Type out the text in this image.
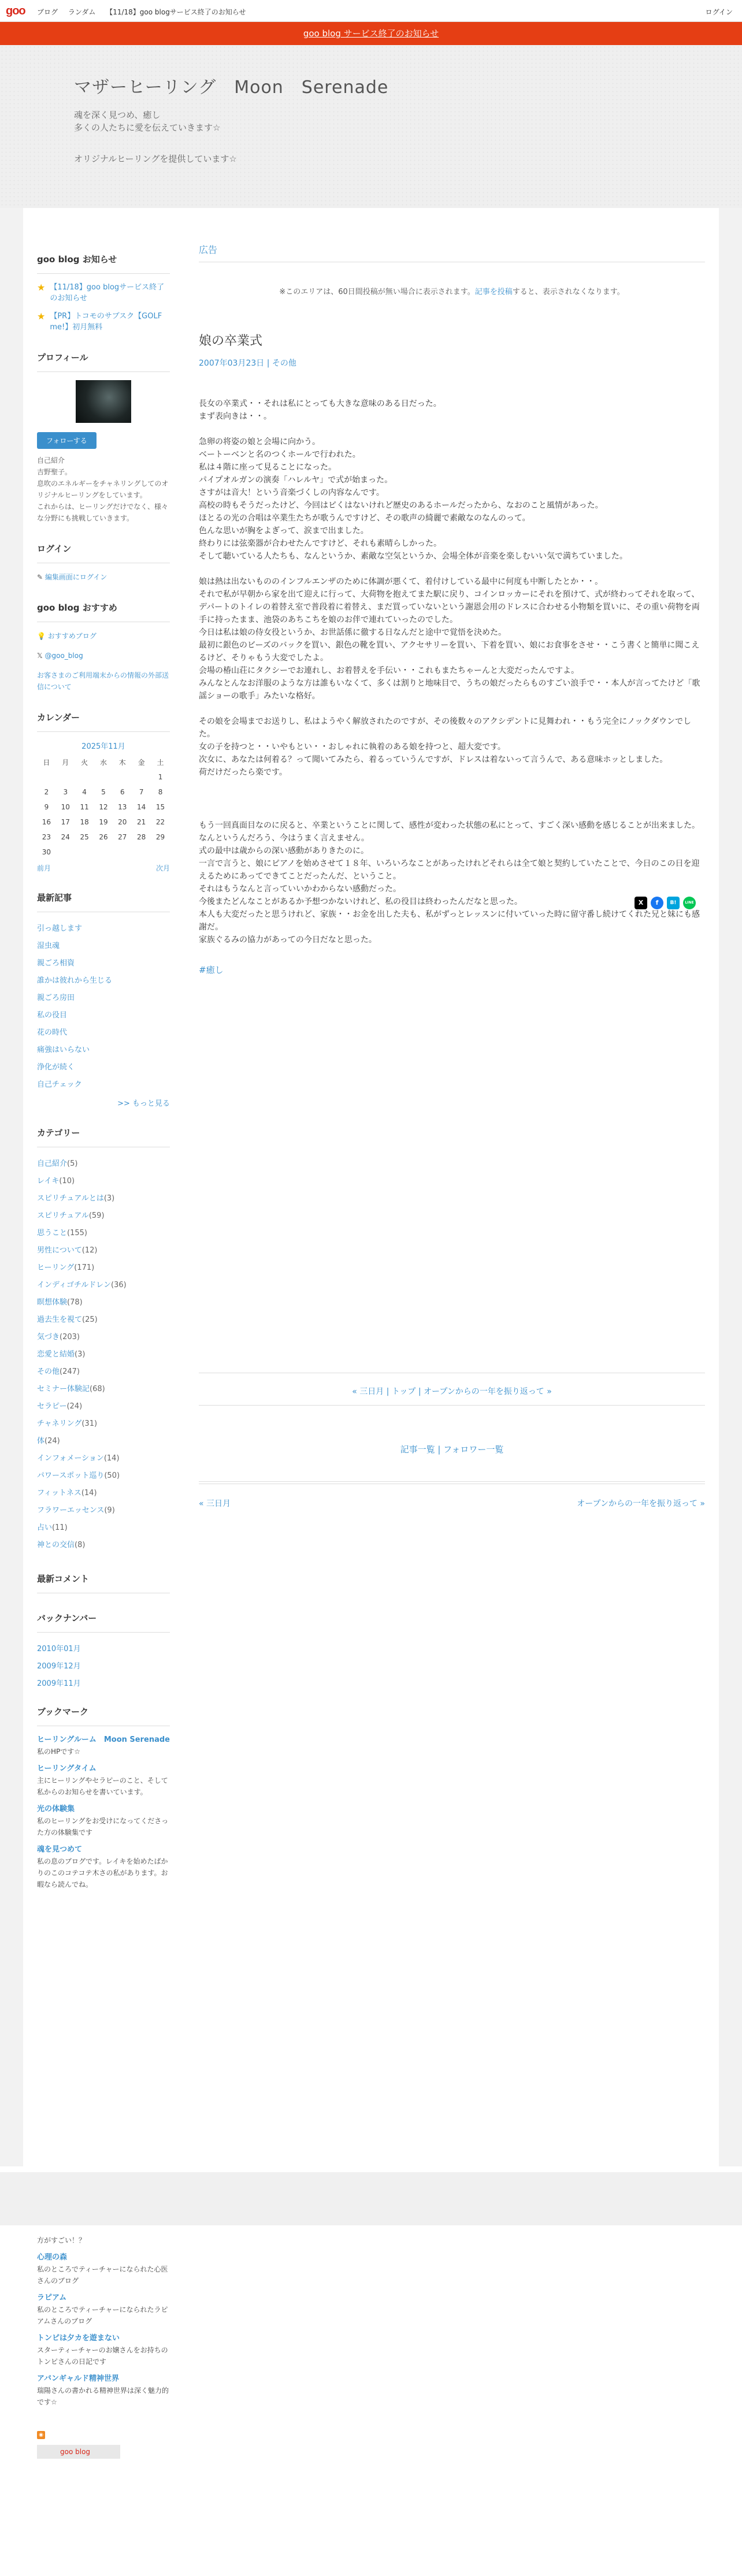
goo ブログ ランダム 【11/18】goo blogサービス終了のお知らせ	ログイン
goo blog サービス終了のお知らせ
マザーヒーリング　Moon　Serenade
魂を深く見つめ、癒し
多くの人たちに愛を伝えていきます☆
オリジナルヒーリングを提供しています☆
goo blog お知らせ
★ 【11/18】goo blogサービス終了のお知らせ
★ 【PR】トコモのサブスク【GOLF me!】初月無料
プロフィール
フォローする
自己紹介
吉野聖子。
息吹のエネルギーをチャネリングしてのオリジナルヒーリングをしています。
これからは、ヒーリングだけでなく、様々な分野にも挑戦していきます。
ログイン
✎ 編集画面にログイン
goo blog おすすめ
💡 おすすめブログ
𝕏 @goo_blog
お客さまのご利用端末からの情報の外部送信について
カレンダー
2025年11月
日	月	火	水	木	金	土
						1
2	3	4	5	6	7	8
9	10	11	12	13	14	15
16	17	18	19	20	21	22
23	24	25	26	27	28	29
30						
前月	次月
最新記事
引っ越します
湿虫魂
親ごろ相資
誰かは彼れから生じる
親ごろ房田
私の役目
花の時代
痛強はいらない
浄化が続く
自己チェック
>> もっと見る
カテゴリー
自己紹介(5)
レイキ(10)
スピリチュアルとは(3)
スピリチュアル(59)
思うこと(155)
男性について(12)
ヒーリング(171)
インディゴチルドレン(36)
瞑想体験(78)
過去生を視て(25)
気づき(203)
恋愛と結婚(3)
その他(247)
セミナー体験記(68)
セラピー(24)
チャネリング(31)
体(24)
インフォメーション(14)
パワースポット巡り(50)
フィットネス(14)
フラワーエッセンス(9)
占い(11)
神との交信(8)
最新コメント
バックナンバー
2010年01月
2009年12月
2009年11月
ブックマーク
ヒーリングルーム　Moon Serenade
私のHPです☆
ヒーリングタイム
主にヒーリングやセラピーのこと、そして私からのお知らせを書いています。
光の体験集
私のヒーリングをお受けになってくださった方の体験集です
魂を見つめて
私の息のブログです。レイキを始めたばかりのこのコテコテ木さの私があります。お暇なら読んでね。
方がすごい！？
心理の森
私のところでティーチャーになられた心医さんのブログ
ラピアム
私のところでティーチャーになられたラピアムさんのブログ
トンピは夕カを遊まない
スターティーチャーのお嬢さんをお持ちのトンピさんの日記です
アバンギャルド精神世界
瑞陽さんの書かれる精神世界は深く魅力的です☆
◉
goo blog
広告
※このエリアは、60日間投稿が無い場合に表示されます。記事を投稿すると、表示されなくなります。
娘の卒業式
2007年03月23日 | その他
長女の卒業式・・それは私にとっても大きな意味のある日だった。
まず表向きは・・。
急卵の将姿の娘と会場に向かう。
ベートーベンと名のつくホールで行われた。
私は４階に座って見ることになった。
パイプオルガンの演奏「ハレルヤ」で式が始まった。
さすがは音大！という音楽づくしの内容なんです。
高校の時もそうだったけど、今回はピくはないけれど歴史のあるホールだったから、なおのこと風情があった。
ほとるの光の合唱は卒業生たちが歌うんですけど、その歌声の綺麗で素敵なのなんのって。
色んな思いが胸をよぎって、涙まで出ました。
終わりには弦楽器が合わせたんですけど、それも素晴らしかった。
そして聴いている人たちも、なんというか、素敵な空気というか、会場全体が音楽を楽しむいい気で満ちていました。
娘は熱は出ないもののインフルエンザのために体調が悪くて、着付けしている最中に何度も中断したとか・・。
それで私が早朝から家を出て迎えに行って、大荷物を抱えてまた駅に戻り、コインロッカーにそれを預けて、式が終わってそれを取って、デパートのトイレの着替え室で普段着に着替え、まだ買っていないという謝恩会用のドレスに合わせる小物類を買いに、その重い荷物を両手に持ったまま、池袋のあちこちを娘のお伴で連れていったのでした。
今日は私は娘の侍女役というか、お世話係に徹する日なんだと途中で覚悟を決めた。
最初に銀色のビーズのバックを買い、銀色の靴を買い、アクセサリーを買い、下着を買い、娘にお食事をさせ・・こう書くと簡単に聞こえるけど、そりゃもう大変でしたよ。
会場の椿山荘にタクシーでお連れし、お着替えを手伝い・・これもまたちゃーんと大変だったんですよ。
みんなとんなお洋服のような方は誰もいなくて、多くは割りと地味目で、うちの娘だったらものすごい浪手で・・本人が言ってたけど「歌謡ショーの歌手」みたいな格好。
その娘を会場までお送りし、私はようやく解放されたのですが、その後数々のアクシデントに見舞われ・・もう完全にノックダウンでした。
女の子を持つと・・いやもとい・・おしゃれに執着のある娘を持つと、超大変です。
次女に、あなたは何着る？って聞いてみたら、着るっていうんですが、ドレスは着ないって言うんで、ある意味ホッとしました。
荷だけだったら楽です。
もう一回真面目なのに戻ると、卒業ということに関して、感性が変わった状態の私にとって、すごく深い感動を感じることが出来ました。
なんというんだろう、今はうまく言えません。
式の最中は歳からの深い感動がありきたのに。
一言で言うと、娘にピアノを始めさせて１８年、いろいろなことがあったけれどそれらは全て娘と契約していたことで、今日のこの日を迎えるためにあってできてことだったんだ、ということ。
それはもうなんと言っていいかわからない感動だった。
今後またどんなことがあるか予想つかないけれど、私の役目は終わったんだなと思った。
本人も大変だったと思うけれど、家族・・お金を出した夫も、私がずっとレッスンに付いていった時に留守番し続けてくれた兄と妹にも感謝だ。
家族ぐるみの協力があっての今日だなと思った。
#癒し
« 三日月 | トップ | オープンからの一年を振り返って »
記事一覧 | フォロワー一覧
« 三日月	オープンからの一年を振り返って »
X	f	B!	LINE
